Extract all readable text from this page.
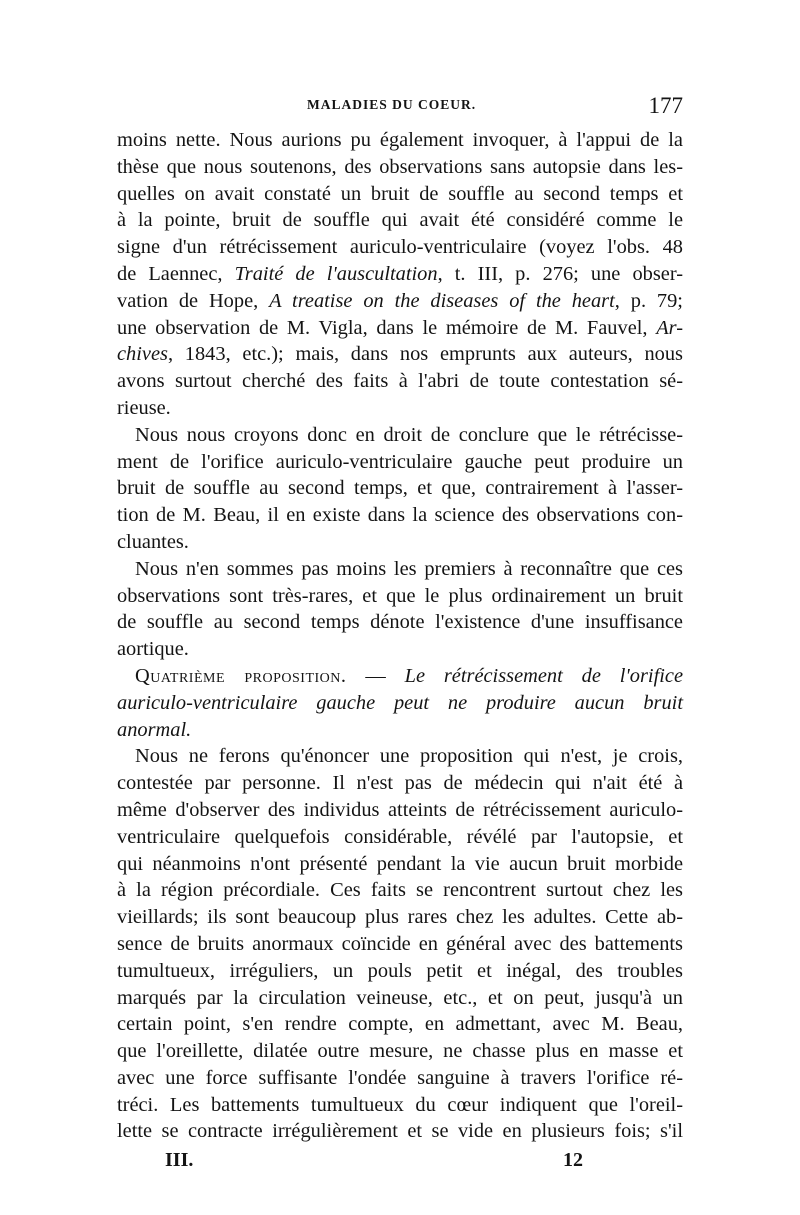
MALADIES DU COEUR.	177
moins nette. Nous aurions pu également invoquer, à l'appui de la
thèse que nous soutenons, des observations sans autopsie dans les-
quelles on avait constaté un bruit de souffle au second temps et
à la pointe, bruit de souffle qui avait été considéré comme le
signe d'un rétrécissement auriculo-ventriculaire (voyez l'obs. 48
de Laennec, Traité de l'auscultation, t. III, p. 276; une obser-
vation de Hope, A treatise on the diseases of the heart, p. 79;
une observation de M. Vigla, dans le mémoire de M. Fauvel, Ar-
chives, 1843, etc.); mais, dans nos emprunts aux auteurs, nous
avons surtout cherché des faits à l'abri de toute contestation sé-
rieuse.
Nous nous croyons donc en droit de conclure que le rétrécisse-
ment de l'orifice auriculo-ventriculaire gauche peut produire un
bruit de souffle au second temps, et que, contrairement à l'asser-
tion de M. Beau, il en existe dans la science des observations con-
cluantes.
Nous n'en sommes pas moins les premiers à reconnaître que ces
observations sont très-rares, et que le plus ordinairement un bruit
de souffle au second temps dénote l'existence d'une insuffisance
aortique.
Quatrième proposition. — Le rétrécissement de l'orifice
auriculo-ventriculaire gauche peut ne produire aucun bruit
anormal.
Nous ne ferons qu'énoncer une proposition qui n'est, je crois,
contestée par personne. Il n'est pas de médecin qui n'ait été à
même d'observer des individus atteints de rétrécissement auriculo-
ventriculaire quelquefois considérable, révélé par l'autopsie, et
qui néanmoins n'ont présenté pendant la vie aucun bruit morbide
à la région précordiale. Ces faits se rencontrent surtout chez les
vieillards; ils sont beaucoup plus rares chez les adultes. Cette ab-
sence de bruits anormaux coïncide en général avec des battements
tumultueux, irréguliers, un pouls petit et inégal, des troubles
marqués par la circulation veineuse, etc., et on peut, jusqu'à un
certain point, s'en rendre compte, en admettant, avec M. Beau,
que l'oreillette, dilatée outre mesure, ne chasse plus en masse et
avec une force suffisante l'ondée sanguine à travers l'orifice ré-
tréci. Les battements tumultueux du cœur indiquent que l'oreil-
lette se contracte irrégulièrement et se vide en plusieurs fois; s'il
III.	12
